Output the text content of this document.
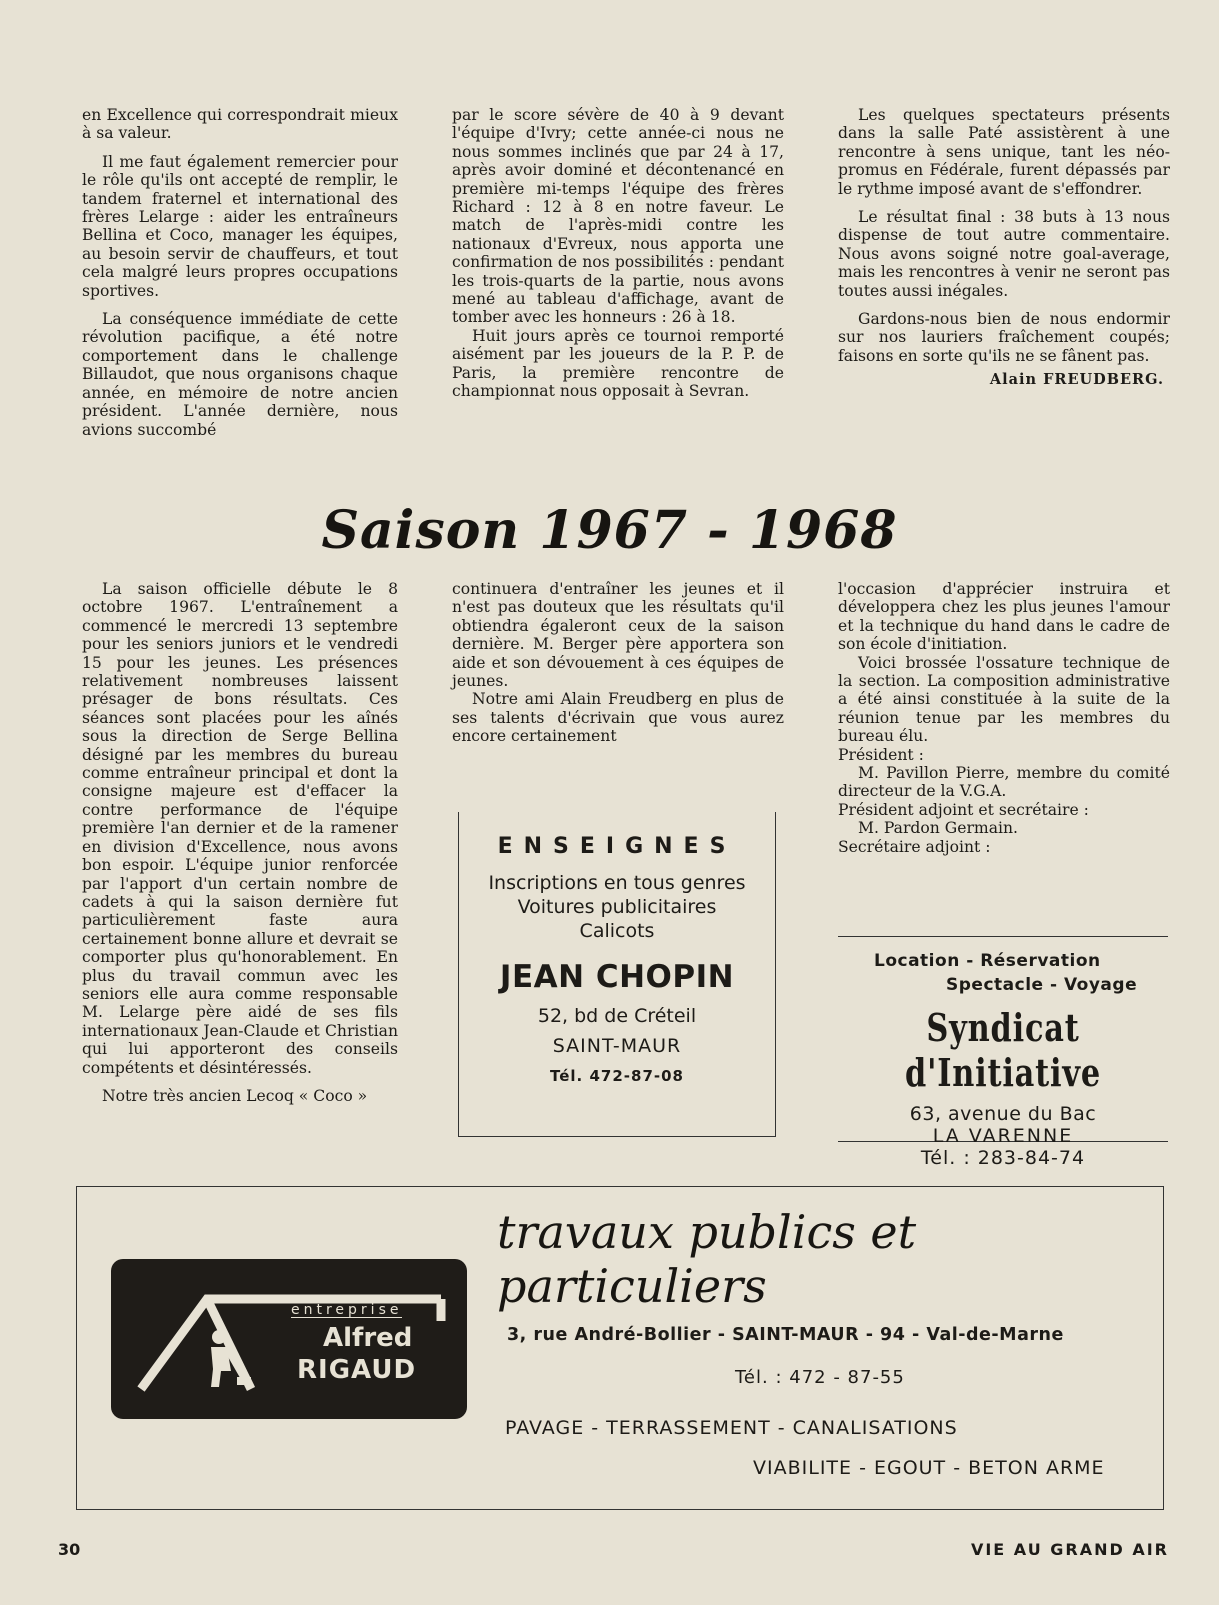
en Excellence qui correspondrait mieux à sa valeur.

Il me faut également remercier pour le rôle qu'ils ont accepté de remplir, le tandem fraternel et international des frères Lelarge : aider les entraîneurs Bellina et Coco, manager les équipes, au besoin servir de chauffeurs, et tout cela malgré leurs propres occupations sportives.

La conséquence immédiate de cette révolution pacifique, a été notre comportement dans le challenge Billaudot, que nous organisons chaque année, en mémoire de notre ancien président. L'année dernière, nous avions succombé

par le score sévère de 40 à 9 devant l'équipe d'Ivry; cette année-ci nous ne nous sommes inclinés que par 24 à 17, après avoir dominé et décontenancé en première mi-temps l'équipe des frères Richard : 12 à 8 en notre faveur. Le match de l'après-midi contre les nationaux d'Evreux, nous apporta une confirmation de nos possibilités : pendant les trois-quarts de la partie, nous avons mené au tableau d'affichage, avant de tomber avec les honneurs : 26 à 18.

Huit jours après ce tournoi remporté aisément par les joueurs de la P. P. de Paris, la première rencontre de championnat nous opposait à Sevran.

Les quelques spectateurs présents dans la salle Paté assistèrent à une rencontre à sens unique, tant les néo-promus en Fédérale, furent dépassés par le rythme imposé avant de s'effondrer.

Le résultat final : 38 buts à 13 nous dispense de tout autre commentaire. Nous avons soigné notre goal-average, mais les rencontres à venir ne seront pas toutes aussi inégales.

Gardons-nous bien de nous endormir sur nos lauriers fraîchement coupés; faisons en sorte qu'ils ne se fânent pas.

Alain FREUDBERG.
Saison 1967 - 1968

La saison officielle débute le 8 octobre 1967. L'entraînement a commencé le mercredi 13 septembre pour les seniors juniors et le vendredi 15 pour les jeunes. Les présences relativement nombreuses laissent présager de bons résultats. Ces séances sont placées pour les aînés sous la direction de Serge Bellina désigné par les membres du bureau comme entraîneur principal et dont la consigne majeure est d'effacer la contre performance de l'équipe première l'an dernier et de la ramener en division d'Excellence, nous avons bon espoir. L'équipe junior renforcée par l'apport d'un certain nombre de cadets à qui la saison dernière fut particulièrement faste aura certainement bonne allure et devrait se comporter plus qu'honorablement. En plus du travail commun avec les seniors elle aura comme responsable M. Lelarge père aidé de ses fils internationaux Jean-Claude et Christian qui lui apporteront des conseils compétents et désintéressés.

Notre très ancien Lecoq « Coco »

continuera d'entraîner les jeunes et il n'est pas douteux que les résultats qu'il obtiendra égaleront ceux de la saison dernière. M. Berger père apportera son aide et son dévouement à ces équipes de jeunes.

Notre ami Alain Freudberg en plus de ses talents d'écrivain que vous aurez encore certainement

l'occasion d'apprécier instruira et développera chez les plus jeunes l'amour et la technique du hand dans le cadre de son école d'initiation.

Voici brossée l'ossature technique de la section. La composition administrative a été ainsi constituée à la suite de la réunion tenue par les membres du bureau élu.

Président :

M. Pavillon Pierre, membre du comité directeur de la V.G.A.

Président adjoint et secrétaire :

M. Pardon Germain.

Secrétaire adjoint :

ENSEIGNES
Inscriptions en tous genres
Voitures publicitaires
Calicots
JEAN CHOPIN
52, bd de Créteil
SAINT-MAUR
Tél. 472-87-08
Location - Réservation
Spectacle - Voyage
Syndicat d'Initiative
63, avenue du Bac
LA VARENNE
Tél. : 283-84-74
travaux publics et particuliers
entreprise
Alfred
RIGAUD
3, rue André-Bollier - SAINT-MAUR - 94 - Val-de-Marne
Tél. : 472 - 87-55
PAVAGE - TERRASSEMENT - CANALISATIONS
VIABILITE - EGOUT - BETON ARME
30	VIE AU GRAND AIR
